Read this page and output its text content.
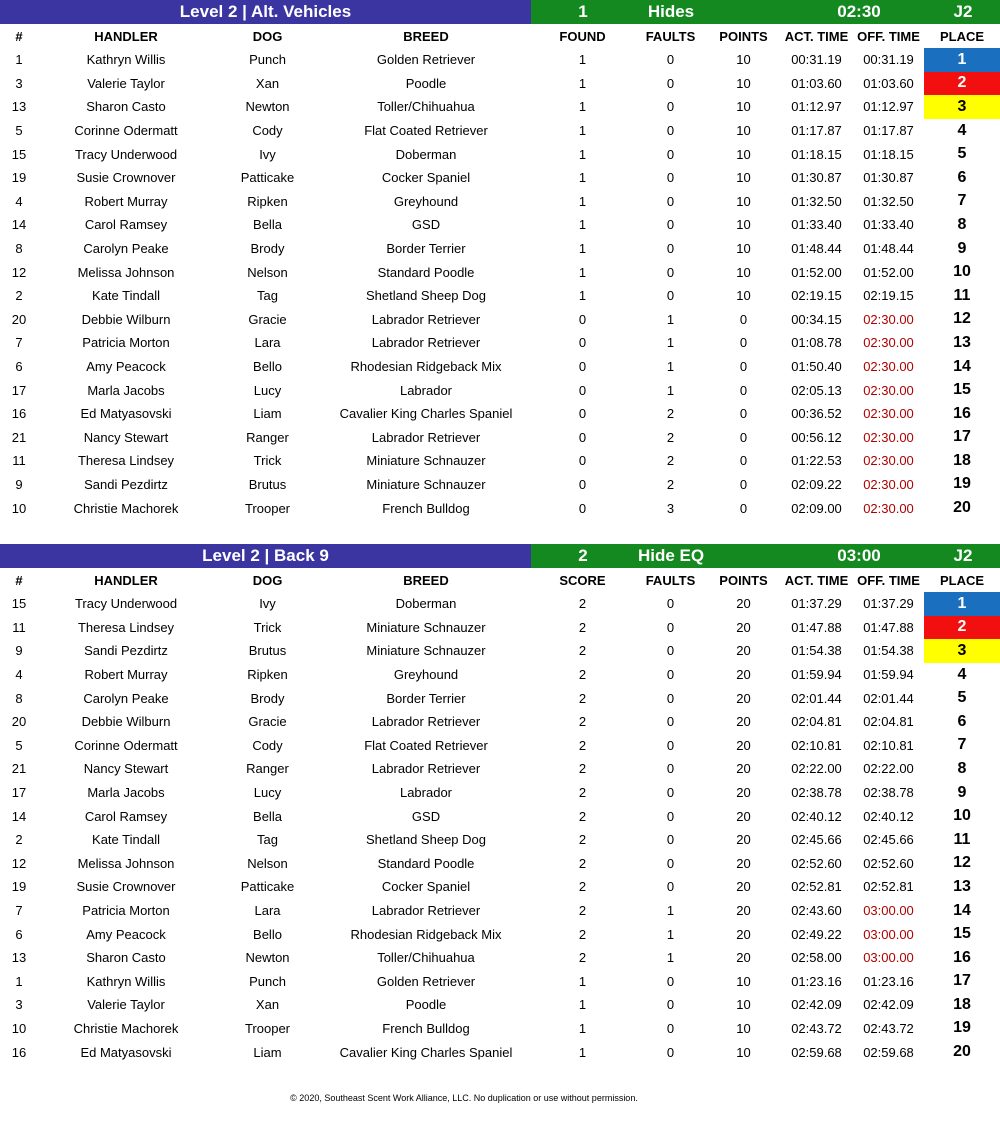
Level 2 | Alt. Vehicles	1	Hides	02:30	J2
#	HANDLER	DOG	BREED	FOUND	FAULTS	POINTS	ACT. TIME	OFF. TIME	PLACE
1	Kathryn Willis	Punch	Golden Retriever	1	0	10	00:31.19	00:31.19	1
3	Valerie Taylor	Xan	Poodle	1	0	10	01:03.60	01:03.60	2
13	Sharon Casto	Newton	Toller/Chihuahua	1	0	10	01:12.97	01:12.97	3
5	Corinne Odermatt	Cody	Flat Coated Retriever	1	0	10	01:17.87	01:17.87	4
15	Tracy Underwood	Ivy	Doberman	1	0	10	01:18.15	01:18.15	5
19	Susie Crownover	Patticake	Cocker Spaniel	1	0	10	01:30.87	01:30.87	6
4	Robert Murray	Ripken	Greyhound	1	0	10	01:32.50	01:32.50	7
14	Carol Ramsey	Bella	GSD	1	0	10	01:33.40	01:33.40	8
8	Carolyn Peake	Brody	Border Terrier	1	0	10	01:48.44	01:48.44	9
12	Melissa Johnson	Nelson	Standard Poodle	1	0	10	01:52.00	01:52.00	10
2	Kate Tindall	Tag	Shetland Sheep Dog	1	0	10	02:19.15	02:19.15	11
20	Debbie Wilburn	Gracie	Labrador Retriever	0	1	0	00:34.15	02:30.00	12
7	Patricia Morton	Lara	Labrador Retriever	0	1	0	01:08.78	02:30.00	13
6	Amy Peacock	Bello	Rhodesian Ridgeback Mix	0	1	0	01:50.40	02:30.00	14
17	Marla Jacobs	Lucy	Labrador	0	1	0	02:05.13	02:30.00	15
16	Ed Matyasovski	Liam	Cavalier King Charles Spaniel	0	2	0	00:36.52	02:30.00	16
21	Nancy Stewart	Ranger	Labrador Retriever	0	2	0	00:56.12	02:30.00	17
11	Theresa Lindsey	Trick	Miniature Schnauzer	0	2	0	01:22.53	02:30.00	18
9	Sandi Pezdirtz	Brutus	Miniature Schnauzer	0	2	0	02:09.22	02:30.00	19
10	Christie Machorek	Trooper	French Bulldog	0	3	0	02:09.00	02:30.00	20
Level 2 | Back 9	2	Hide EQ	03:00	J2
#	HANDLER	DOG	BREED	SCORE	FAULTS	POINTS	ACT. TIME	OFF. TIME	PLACE
15	Tracy Underwood	Ivy	Doberman	2	0	20	01:37.29	01:37.29	1
11	Theresa Lindsey	Trick	Miniature Schnauzer	2	0	20	01:47.88	01:47.88	2
9	Sandi Pezdirtz	Brutus	Miniature Schnauzer	2	0	20	01:54.38	01:54.38	3
4	Robert Murray	Ripken	Greyhound	2	0	20	01:59.94	01:59.94	4
8	Carolyn Peake	Brody	Border Terrier	2	0	20	02:01.44	02:01.44	5
20	Debbie Wilburn	Gracie	Labrador Retriever	2	0	20	02:04.81	02:04.81	6
5	Corinne Odermatt	Cody	Flat Coated Retriever	2	0	20	02:10.81	02:10.81	7
21	Nancy Stewart	Ranger	Labrador Retriever	2	0	20	02:22.00	02:22.00	8
17	Marla Jacobs	Lucy	Labrador	2	0	20	02:38.78	02:38.78	9
14	Carol Ramsey	Bella	GSD	2	0	20	02:40.12	02:40.12	10
2	Kate Tindall	Tag	Shetland Sheep Dog	2	0	20	02:45.66	02:45.66	11
12	Melissa Johnson	Nelson	Standard Poodle	2	0	20	02:52.60	02:52.60	12
19	Susie Crownover	Patticake	Cocker Spaniel	2	0	20	02:52.81	02:52.81	13
7	Patricia Morton	Lara	Labrador Retriever	2	1	20	02:43.60	03:00.00	14
6	Amy Peacock	Bello	Rhodesian Ridgeback Mix	2	1	20	02:49.22	03:00.00	15
13	Sharon Casto	Newton	Toller/Chihuahua	2	1	20	02:58.00	03:00.00	16
1	Kathryn Willis	Punch	Golden Retriever	1	0	10	01:23.16	01:23.16	17
3	Valerie Taylor	Xan	Poodle	1	0	10	02:42.09	02:42.09	18
10	Christie Machorek	Trooper	French Bulldog	1	0	10	02:43.72	02:43.72	19
16	Ed Matyasovski	Liam	Cavalier King Charles Spaniel	1	0	10	02:59.68	02:59.68	20
© 2020, Southeast Scent Work Alliance, LLC. No duplication or use without permission.
